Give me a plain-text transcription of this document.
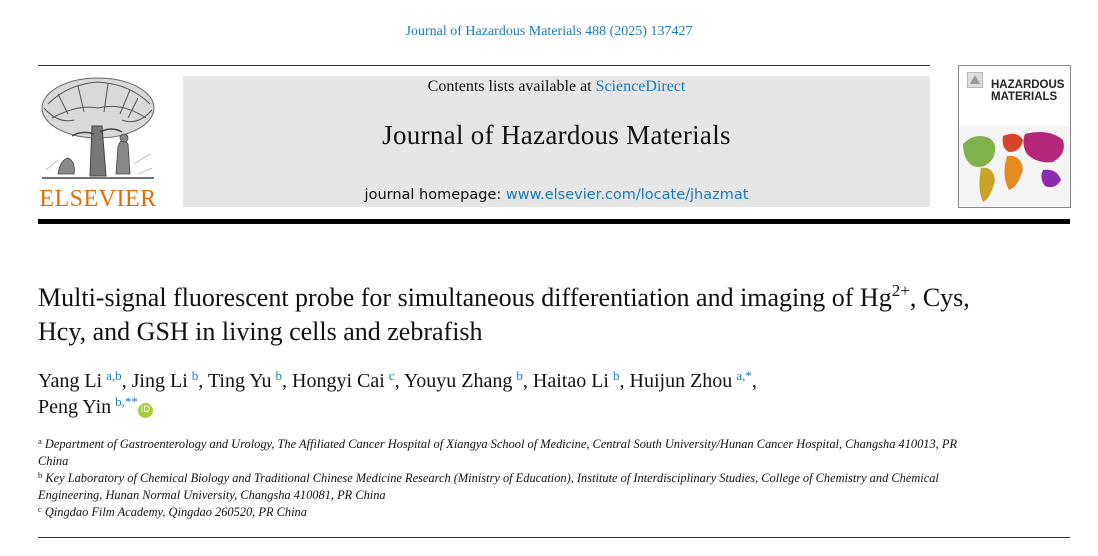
Journal of Hazardous Materials 488 (2025) 137427
ELSEVIER
Contents lists available at ScienceDirect
Journal of Hazardous Materials
journal homepage: www.elsevier.com/locate/jhazmat
HAZARDOUS
MATERIALS
Multi-signal fluorescent probe for simultaneous differentiation and imaging of $Hg^{2+}$, Cys, Hcy, and GSH in living cells and zebrafish
Yang Li  $^{a,b}$, Jing Li  $^b$, Ting Yu  $^b$, Hongyi Cai  $^c$, Youyu Zhang  $^b$, Haitao Li  $^b$, Huijun Zhou  $^{a,*}$,
Peng Yin  $^{b,**}$iD

$^a$ Department of Gastroenterology and Urology, The Affiliated Cancer Hospital of Xiangya School of Medicine, Central South University/Hunan Cancer Hospital, Changsha 410013, PR China

$^b$ Key Laboratory of Chemical Biology and Traditional Chinese Medicine Research (Ministry of Education), Institute of Interdisciplinary Studies, College of Chemistry and Chemical Engineering, Hunan Normal University, Changsha 410081, PR China

$^c$ Qingdao Film Academy, Qingdao 260520, PR China
